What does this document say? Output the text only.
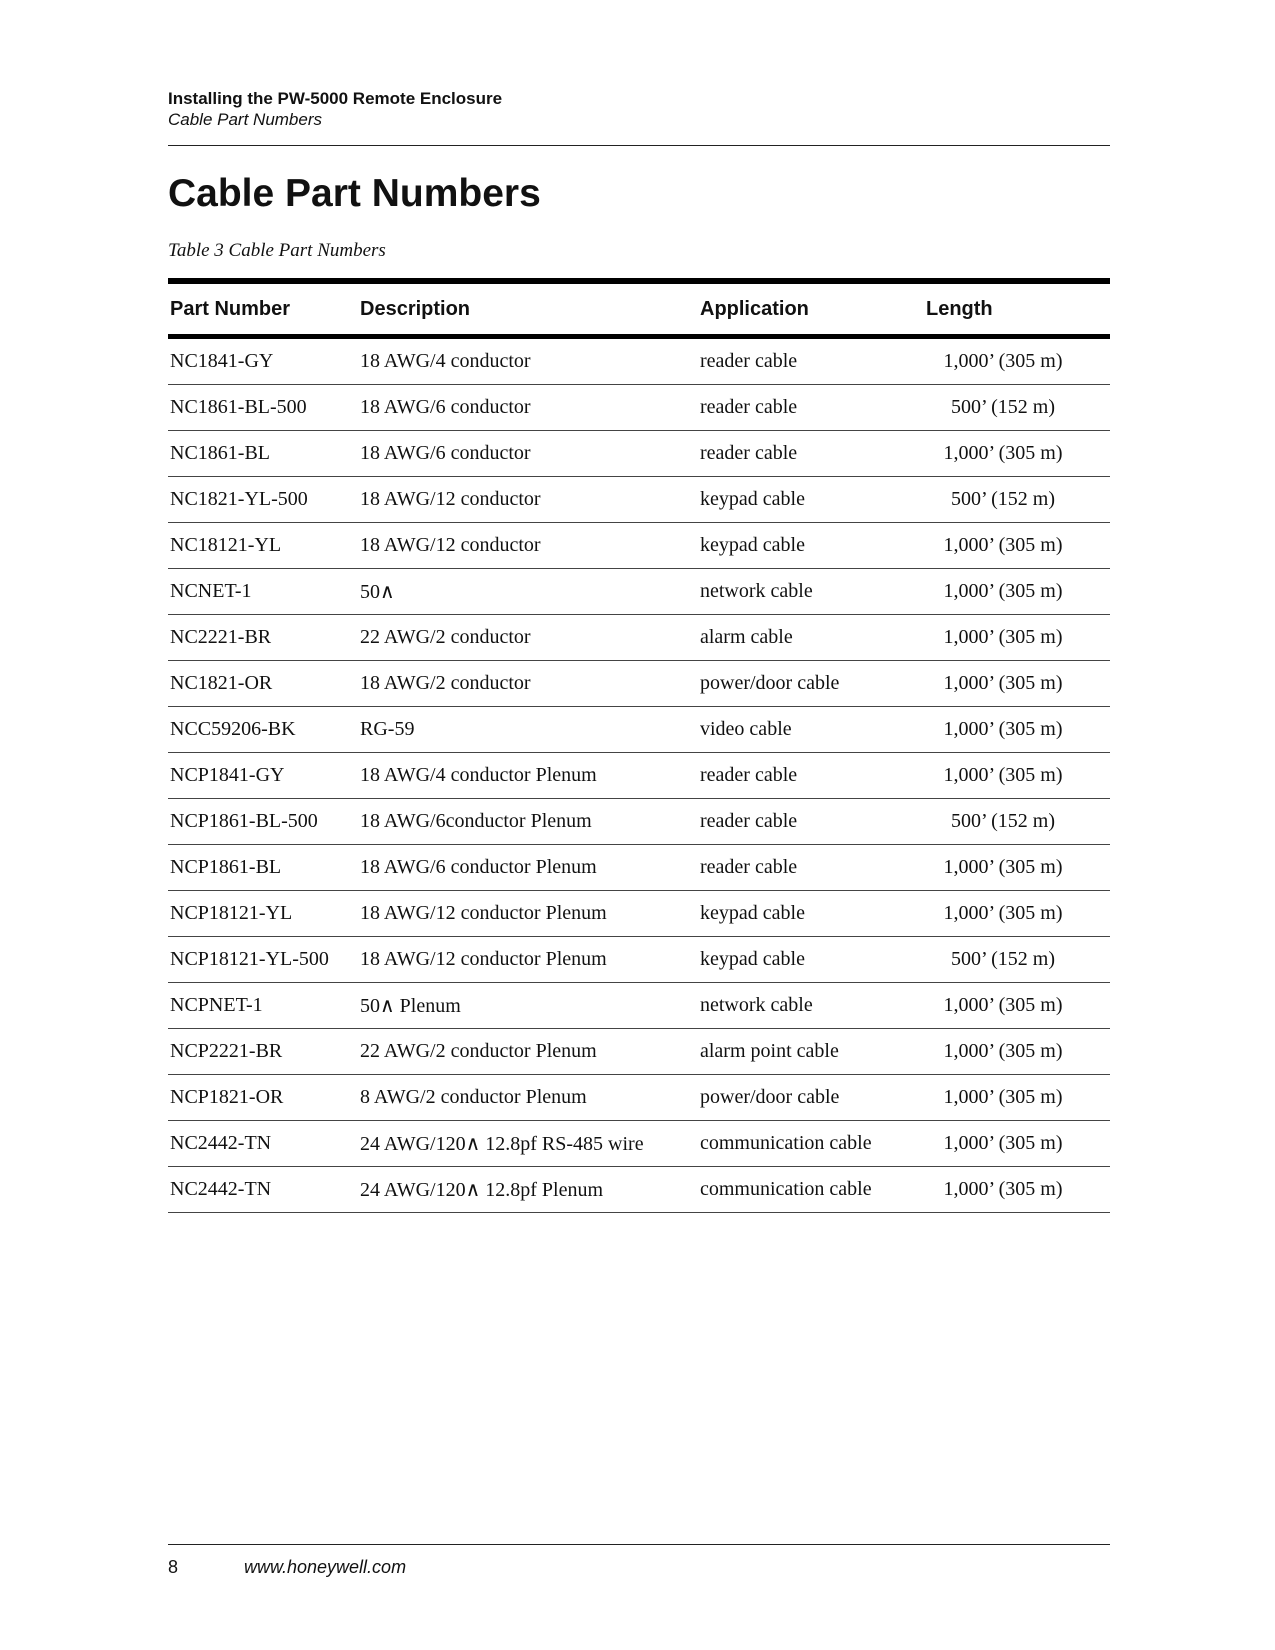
Installing the PW-5000 Remote Enclosure
Cable Part Numbers
Cable Part Numbers
Table 3 Cable Part Numbers
Part Number	Description	Application	Length
NC1841-GY	18 AWG/4 conductor	reader cable	1,000’ (305 m)
NC1861-BL-500	18 AWG/6 conductor	reader cable	500’ (152 m)
NC1861-BL	18 AWG/6 conductor	reader cable	1,000’ (305 m)
NC1821-YL-500	18 AWG/12 conductor	keypad cable	500’ (152 m)
NC18121-YL	18 AWG/12 conductor	keypad cable	1,000’ (305 m)
NCNET-1	50∧	network cable	1,000’ (305 m)
NC2221-BR	22 AWG/2 conductor	alarm cable	1,000’ (305 m)
NC1821-OR	18 AWG/2 conductor	power/door cable	1,000’ (305 m)
NCC59206-BK	RG-59	video cable	1,000’ (305 m)
NCP1841-GY	18 AWG/4 conductor Plenum	reader cable	1,000’ (305 m)
NCP1861-BL-500	18 AWG/6conductor Plenum	reader cable	500’ (152 m)
NCP1861-BL	18 AWG/6 conductor Plenum	reader cable	1,000’ (305 m)
NCP18121-YL	18 AWG/12 conductor Plenum	keypad cable	1,000’ (305 m)
NCP18121-YL-500	18 AWG/12 conductor Plenum	keypad cable	500’ (152 m)
NCPNET-1	50∧ Plenum	network cable	1,000’ (305 m)
NCP2221-BR	22 AWG/2 conductor Plenum	alarm point cable	1,000’ (305 m)
NCP1821-OR	8 AWG/2 conductor Plenum	power/door cable	1,000’ (305 m)
NC2442-TN	24 AWG/120∧ 12.8pf RS-485 wire	communication cable	1,000’ (305 m)
NC2442-TN	24 AWG/120∧ 12.8pf Plenum	communication cable	1,000’ (305 m)
8	www.honeywell.com
